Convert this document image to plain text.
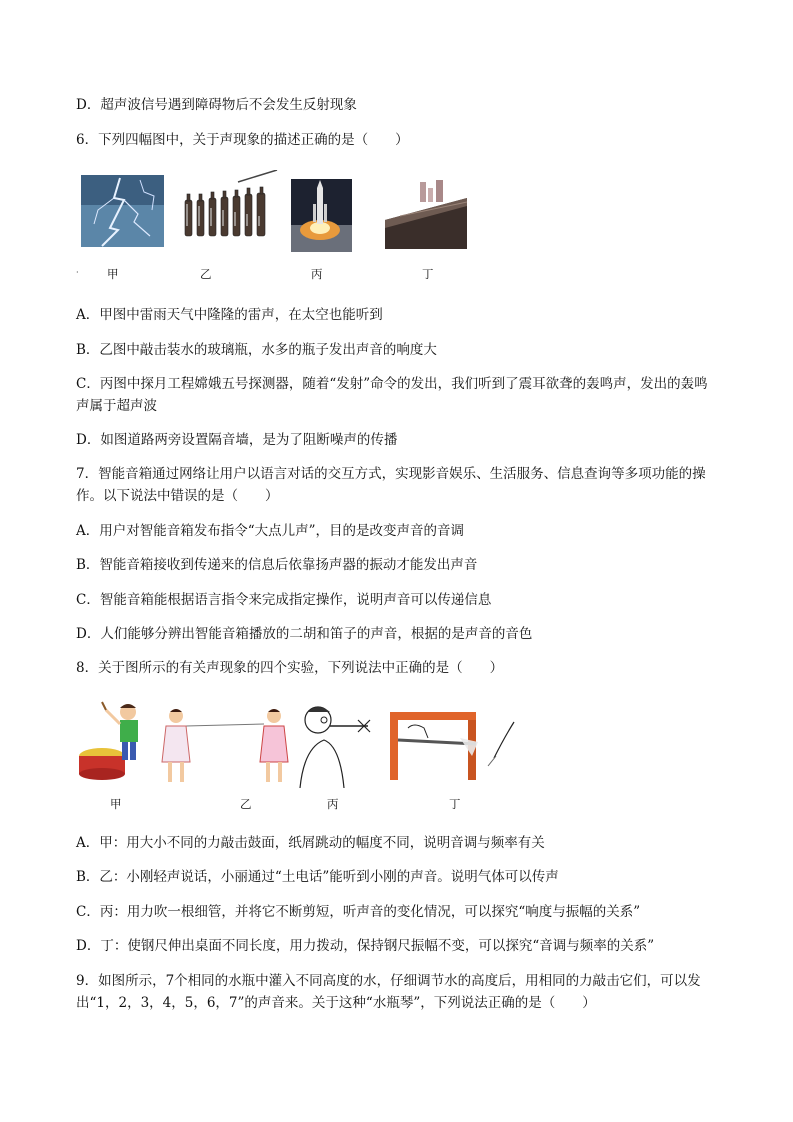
D．超声波信号遇到障碍物后不会发生反射现象
6．下列四幅图中，关于声现象的描述正确的是（　　）
· 甲	乙	丙	丁
A．甲图中雷雨天气中隆隆的雷声，在太空也能听到
B．乙图中敲击装水的玻璃瓶，水多的瓶子发出声音的响度大
C．丙图中探月工程嫦娥五号探测器，随着“发射”命令的发出，我们听到了震耳欲聋的轰鸣声，发出的轰鸣
声属于超声波
D．如图道路两旁设置隔音墙，是为了阻断噪声的传播
7．智能音箱通过网络让用户以语言对话的交互方式，实现影音娱乐、生活服务、信息查询等多项功能的操
作。以下说法中错误的是（　　）
A．用户对智能音箱发布指令“大点儿声”，目的是改变声音的音调
B．智能音箱接收到传递来的信息后依靠扬声器的振动才能发出声音
C．智能音箱能根据语言指令来完成指定操作，说明声音可以传递信息
D．人们能够分辨出智能音箱播放的二胡和笛子的声音，根据的是声音的音色
8．关于图所示的有关声现象的四个实验，下列说法中正确的是（　　）
甲	乙	丙	丁
A．甲：用大小不同的力敲击鼓面，纸屑跳动的幅度不同，说明音调与频率有关
B．乙：小刚轻声说话，小丽通过“土电话”能听到小刚的声音。说明气体可以传声
C．丙：用力吹一根细管，并将它不断剪短，听声音的变化情况，可以探究“响度与振幅的关系”
D．丁：使钢尺伸出桌面不同长度，用力拨动，保持钢尺振幅不变，可以探究“音调与频率的关系”
9．如图所示，7个相同的水瓶中灌入不同高度的水，仔细调节水的高度后，用相同的力敲击它们，可以发
出“1，2，3，4，5，6，7”的声音来。关于这种“水瓶琴”，下列说法正确的是（　　）
